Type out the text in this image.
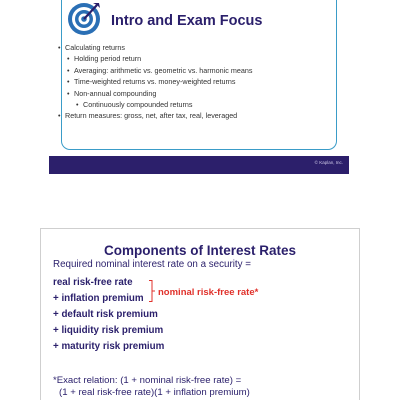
Intro and Exam Focus
• Calculating returns
• Holding period return
• Averaging: arithmetic vs. geometric vs. harmonic means
• Time-weighted returns vs. money-weighted returns
• Non-annual compounding
• Continuously compounded returns
• Return measures: gross, net, after tax, real, leveraged
© Kaplan, Inc.
Components of Interest Rates
Required nominal interest rate on a security =
real risk-free rate
+ inflation premium
+ default risk premium
+ liquidity risk premium
+ maturity risk premium
nominal risk-free rate*
*Exact relation: (1 + nominal risk-free rate) =
(1 + real risk-free rate)(1 + inflation premium)
